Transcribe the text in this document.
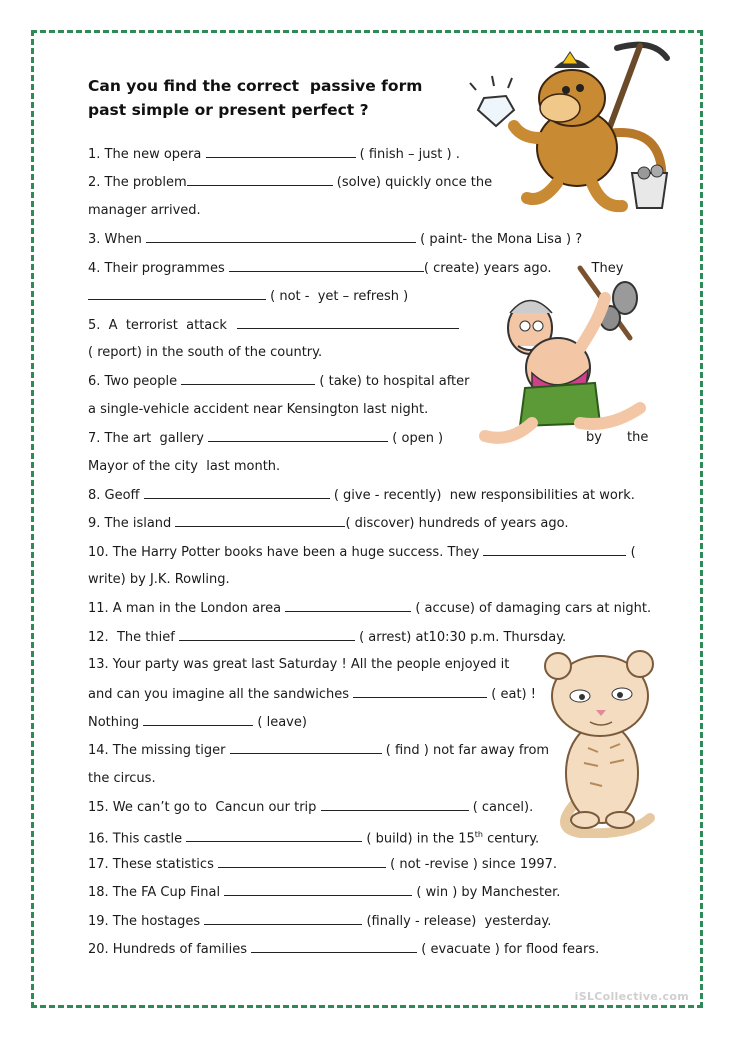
Can you find the correct  passive form
past simple or present perfect ?
1. The new opera	( finish – just ) .
2. The problem	(solve) quickly once the
manager arrived.
3. When	( paint- the Mona Lisa ) ?
4. Their programmes	( create) years ago.	They
( not -  yet – refresh )
5.  A  terrorist  attack
( report) in the south of the country.
6. Two people	( take) to hospital after
a single-vehicle accident near Kensington last night.
7. The art  gallery	( open )	by the
Mayor of the city  last month.
8. Geoff	( give - recently)  new responsibilities at work.
9. The island	( discover) hundreds of years ago.
10. The Harry Potter books have been a huge success. They	(
write) by J.K. Rowling.
11. A man in the London area	( accuse) of damaging cars at night.
12.  The thief	( arrest) at10:30 p.m. Thursday.
13. Your party was great last Saturday ! All the people enjoyed it
and can you imagine all the sandwiches	( eat) !
Nothing	( leave)
14. The missing tiger	( find ) not far away from
the circus.
15. We can’t go to  Cancun our trip	( cancel).
16. This castle	( build) in the 15th century.
17. These statistics	( not -revise ) since 1997.
18. The FA Cup Final	( win ) by Manchester.
19. The hostages	(finally - release)  yesterday.
20. Hundreds of families	( evacuate ) for flood fears.
iSLCollective.com
